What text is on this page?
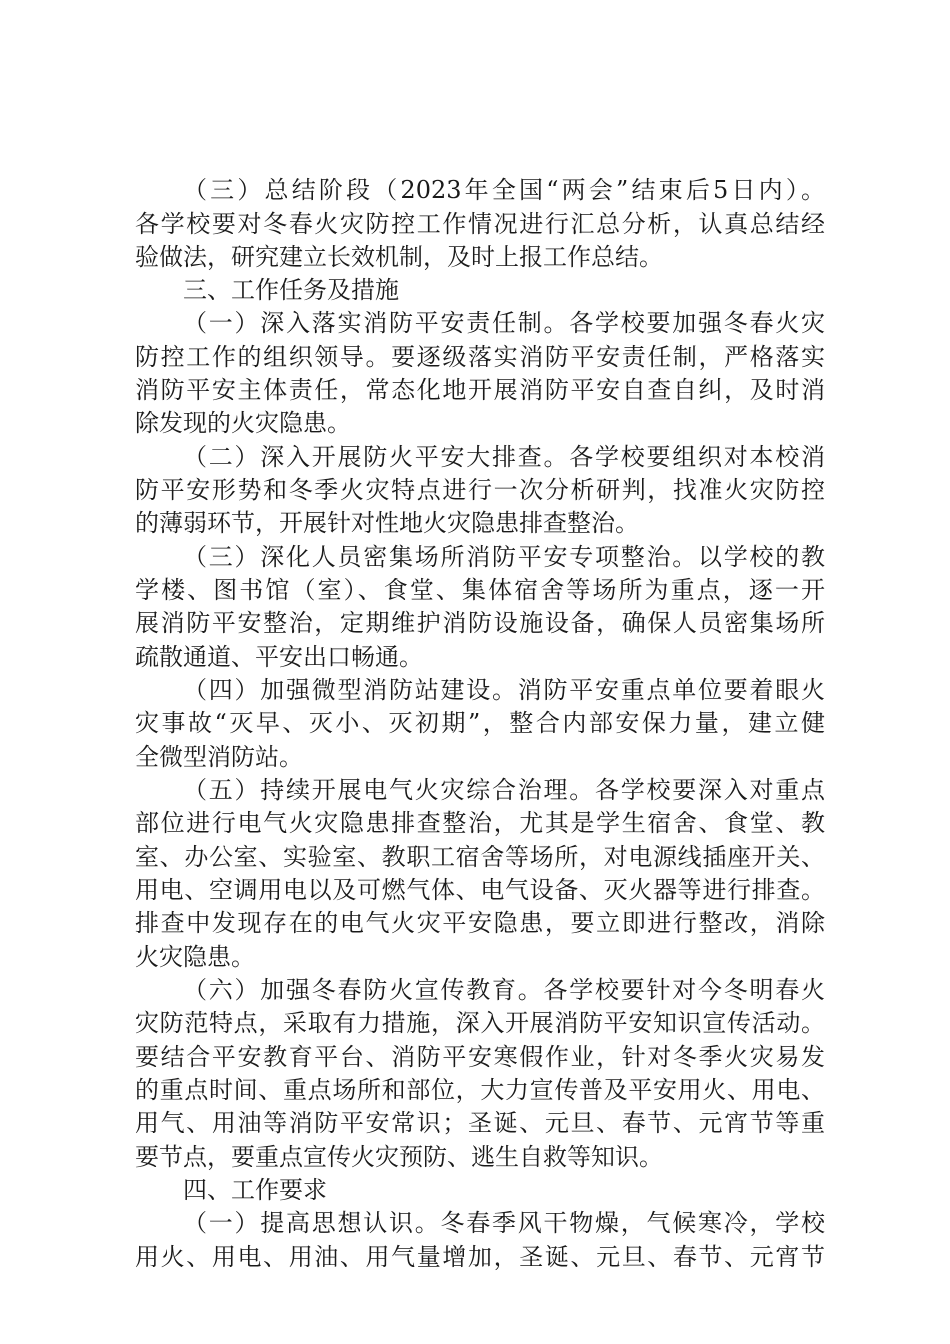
（三）总结阶段（2023年全国“两会”结束后5日内）。
各学校要对冬春火灾防控工作情况进行汇总分析，认真总结经
验做法，研究建立长效机制，及时上报工作总结。
三、工作任务及措施
（一）深入落实消防平安责任制。各学校要加强冬春火灾
防控工作的组织领导。要逐级落实消防平安责任制，严格落实
消防平安主体责任，常态化地开展消防平安自查自纠，及时消
除发现的火灾隐患。
（二）深入开展防火平安大排查。各学校要组织对本校消
防平安形势和冬季火灾特点进行一次分析研判，找准火灾防控
的薄弱环节，开展针对性地火灾隐患排查整治。
（三）深化人员密集场所消防平安专项整治。以学校的教
学楼、图书馆（室）、食堂、集体宿舍等场所为重点，逐一开
展消防平安整治，定期维护消防设施设备，确保人员密集场所
疏散通道、平安出口畅通。
（四）加强微型消防站建设。消防平安重点单位要着眼火
灾事故“灭早、灭小、灭初期”，整合内部安保力量，建立健
全微型消防站。
（五）持续开展电气火灾综合治理。各学校要深入对重点
部位进行电气火灾隐患排查整治，尤其是学生宿舍、食堂、教
室、办公室、实验室、教职工宿舍等场所，对电源线插座开关、
用电、空调用电以及可燃气体、电气设备、灭火器等进行排查。
排查中发现存在的电气火灾平安隐患，要立即进行整改，消除
火灾隐患。
（六）加强冬春防火宣传教育。各学校要针对今冬明春火
灾防范特点，采取有力措施，深入开展消防平安知识宣传活动。
要结合平安教育平台、消防平安寒假作业，针对冬季火灾易发
的重点时间、重点场所和部位，大力宣传普及平安用火、用电、
用气、用油等消防平安常识；圣诞、元旦、春节、元宵节等重
要节点，要重点宣传火灾预防、逃生自救等知识。
四、工作要求
（一）提高思想认识。冬春季风干物燥，气候寒冷，学校
用火、用电、用油、用气量增加，圣诞、元旦、春节、元宵节
